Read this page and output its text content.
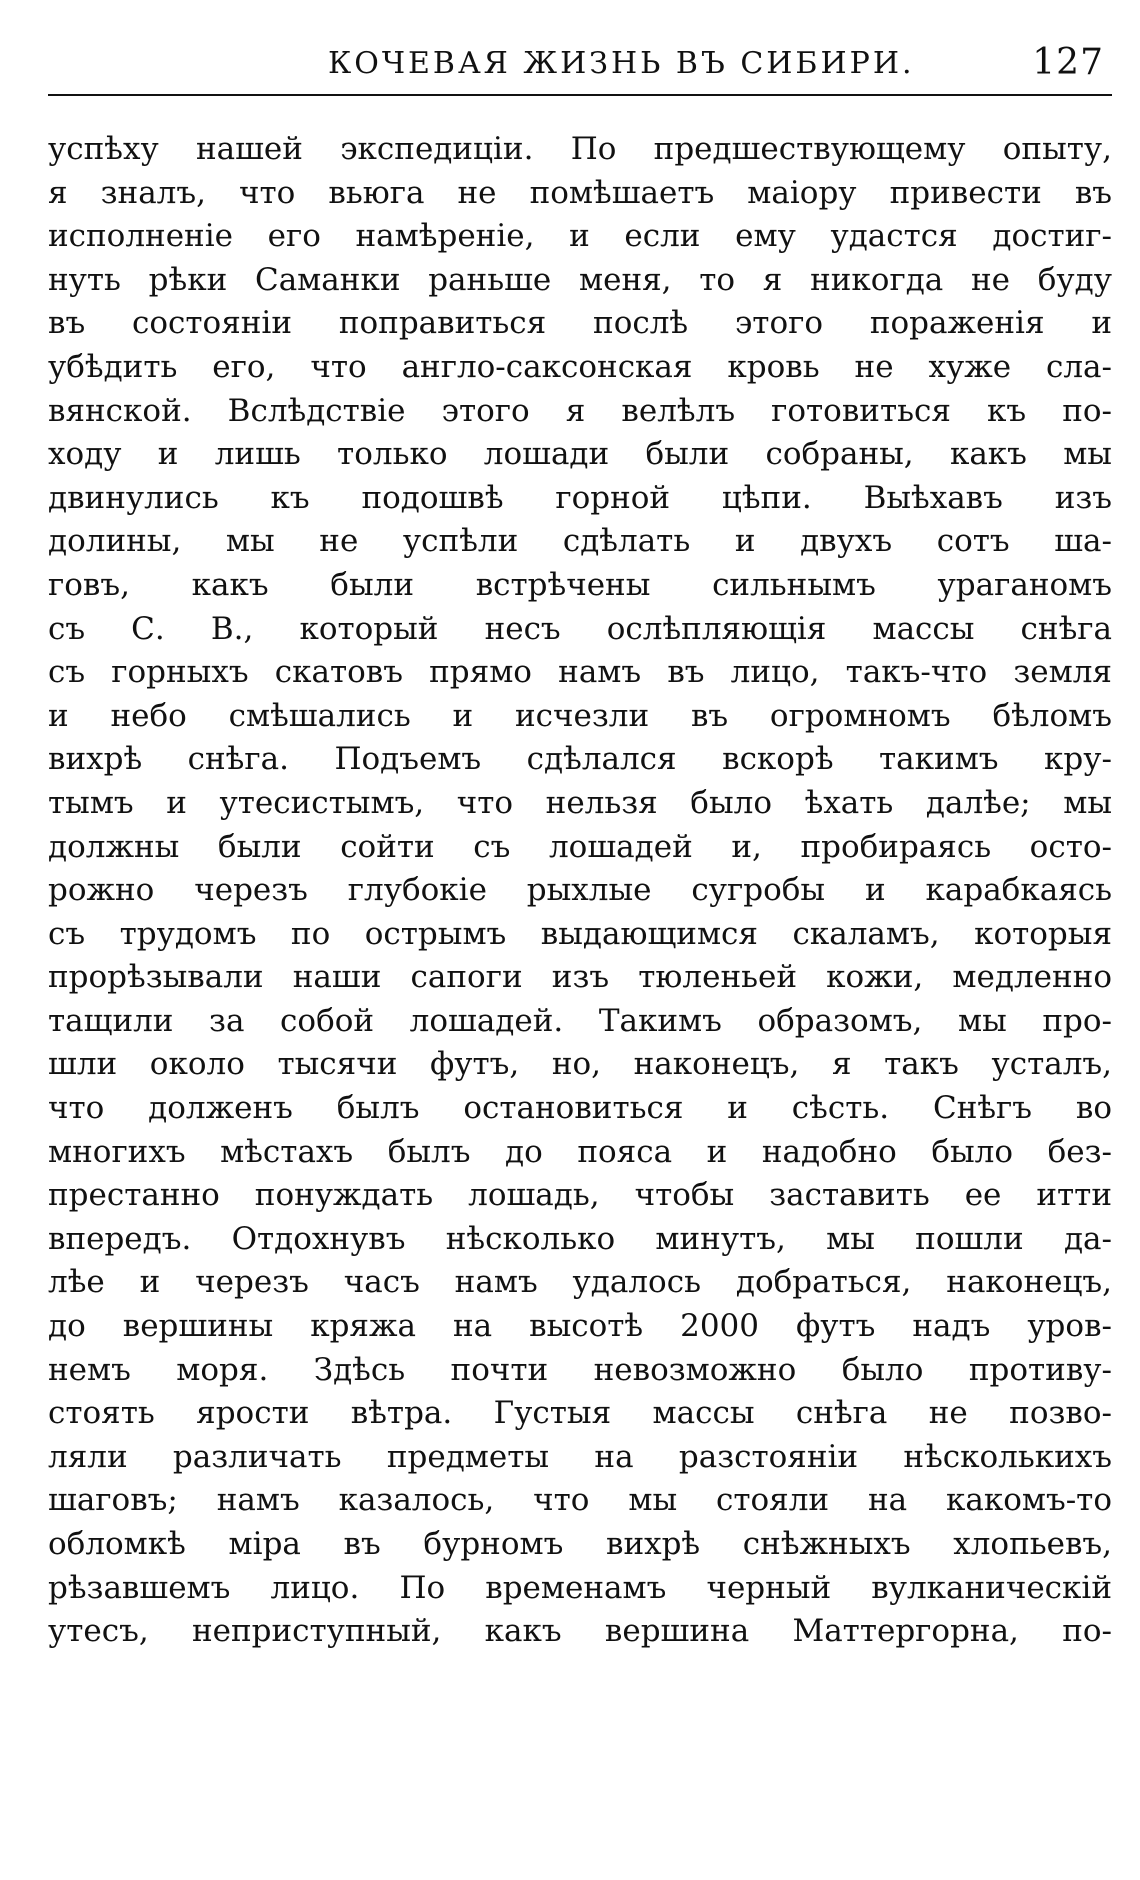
КОЧЕВАЯ ЖИЗНЬ ВЪ СИБИРИ.	127
успѣху нашей экспедиціи. По предшествующему опыту,
я зналъ, что вьюга не помѣшаетъ маіору привести въ
исполненіе его намѣреніе, и если ему удастся достиг-
нуть рѣки Саманки раньше меня, то я никогда не буду
въ состояніи поправиться послѣ этого пораженія и
убѣдить его, что англо-саксонская кровь не хуже сла-
вянской. Вслѣдствіе этого я велѣлъ готовиться къ по-
ходу и лишь только лошади были собраны, какъ мы
двинулись къ подошвѣ горной цѣпи. Выѣхавъ изъ
долины, мы не успѣли сдѣлать и двухъ сотъ ша-
говъ, какъ были встрѣчены сильнымъ ураганомъ
съ С. В., который несъ ослѣпляющія массы снѣга
съ горныхъ скатовъ прямо намъ въ лицо, такъ-что земля
и небо смѣшались и исчезли въ огромномъ бѣломъ
вихрѣ снѣга. Подъемъ сдѣлался вскорѣ такимъ кру-
тымъ и утесистымъ, что нельзя было ѣхать далѣе; мы
должны были сойти съ лошадей и, пробираясь осто-
рожно черезъ глубокіе рыхлые сугробы и карабкаясь
съ трудомъ по острымъ выдающимся скаламъ, которыя
прорѣзывали наши сапоги изъ тюленьей кожи, медленно
тащили за собой лошадей. Такимъ образомъ, мы про-
шли около тысячи футъ, но, наконецъ, я такъ усталъ,
что долженъ былъ остановиться и сѣсть. Снѣгъ во
многихъ мѣстахъ былъ до пояса и надобно было без-
престанно понуждать лошадь, чтобы заставить ее итти
впередъ. Отдохнувъ нѣсколько минутъ, мы пошли да-
лѣе и черезъ часъ намъ удалось добраться, наконецъ,
до вершины кряжа на высотѣ 2000 футъ надъ уров-
немъ моря. Здѣсь почти невозможно было противу-
стоять ярости вѣтра. Густыя массы снѣга не позво-
ляли различать предметы на разстояніи нѣсколькихъ
шаговъ; намъ казалось, что мы стояли на какомъ-то
обломкѣ міра въ бурномъ вихрѣ снѣжныхъ хлопьевъ,
рѣзавшемъ лицо. По временамъ черный вулканическій
утесъ, неприступный, какъ вершина Маттергорна, по-
